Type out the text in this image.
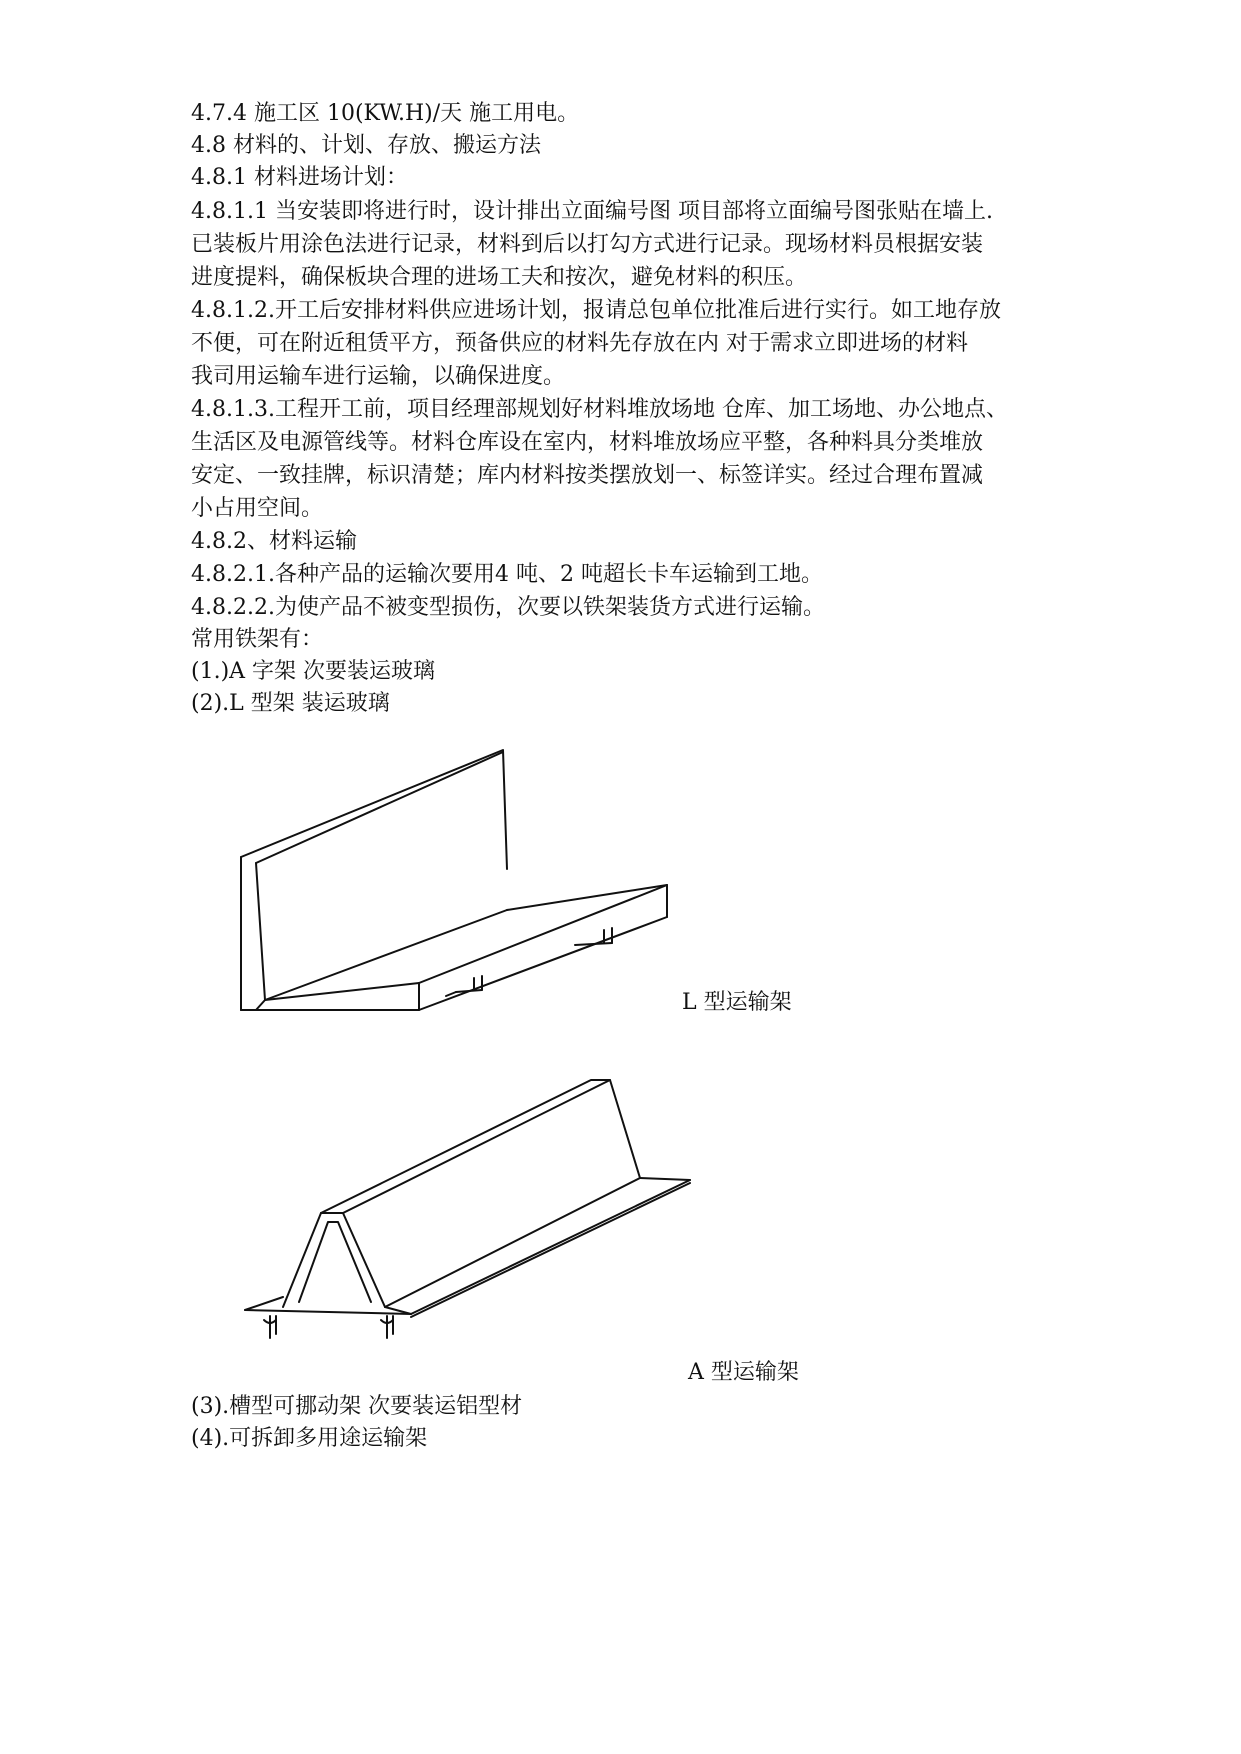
4.7.4 施工区 10(KW.H)/天 施工用电。
4.8 材料的、计划、存放、搬运方法
4.8.1 材料进场计划：
4.8.1.1 当安装即将进行时，设计排出立面编号图 项目部将立面编号图张贴在墙上.
已装板片用涂色法进行记录，材料到后以打勾方式进行记录。现场材料员根据安装
进度提料，确保板块合理的进场工夫和按次，避免材料的积压。
4.8.1.2.开工后安排材料供应进场计划，报请总包单位批准后进行实行。如工地存放
不便，可在附近租赁平方，预备供应的材料先存放在内 对于需求立即进场的材料
我司用运输车进行运输，以确保进度。
4.8.1.3.工程开工前，项目经理部规划好材料堆放场地 仓库、加工场地、办公地点、
生活区及电源管线等。材料仓库设在室内，材料堆放场应平整，各种料具分类堆放
安定、一致挂牌，标识清楚；库内材料按类摆放划一、标签详实。经过合理布置减
小占用空间。
4.8.2、材料运输
4.8.2.1.各种产品的运输次要用4 吨、2 吨超长卡车运输到工地。
4.8.2.2.为使产品不被变型损伤，次要以铁架装货方式进行运输。
常用铁架有：
(1.)A 字架 次要装运玻璃
(2).L 型架 装运玻璃
L 型运输架
A 型运输架
(3).槽型可挪动架 次要装运铝型材
(4).可拆卸多用途运输架
